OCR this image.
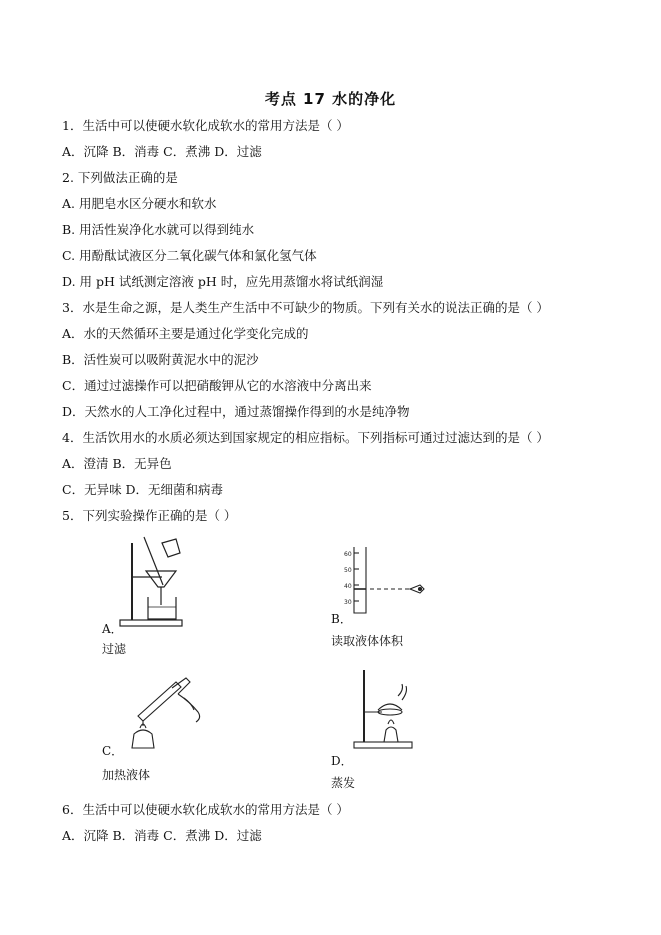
考点 17 水的净化
1．生活中可以使硬水软化成软水的常用方法是（ ）
A．沉降 B．消毒 C．煮沸 D．过滤
2. 下列做法正确的是
A. 用肥皂水区分硬水和软水
B. 用活性炭净化水就可以得到纯水
C. 用酚酞试液区分二氧化碳气体和氯化氢气体
D. 用 pH 试纸测定溶液 pH 时，应先用蒸馏水将试纸润湿
3．水是生命之源，是人类生产生活中不可缺少的物质。下列有关水的说法正确的是（ ）
A．水的天然循环主要是通过化学变化完成的
B．活性炭可以吸附黄泥水中的泥沙
C．通过过滤操作可以把硝酸钾从它的水溶液中分离出来
D．天然水的人工净化过程中，通过蒸馏操作得到的水是纯净物
4．生活饮用水的水质必须达到国家规定的相应指标。下列指标可通过过滤达到的是（ ）
A．澄清 B．无异色
C．无异味 D．无细菌和病毒
5．下列实验操作正确的是（ ）
A．
过滤
60
50
40
30
B．
读取液体体积
C．
加热液体
D．
蒸发
6．生活中可以使硬水软化成软水的常用方法是（ ）
A．沉降 B．消毒 C．煮沸 D．过滤
